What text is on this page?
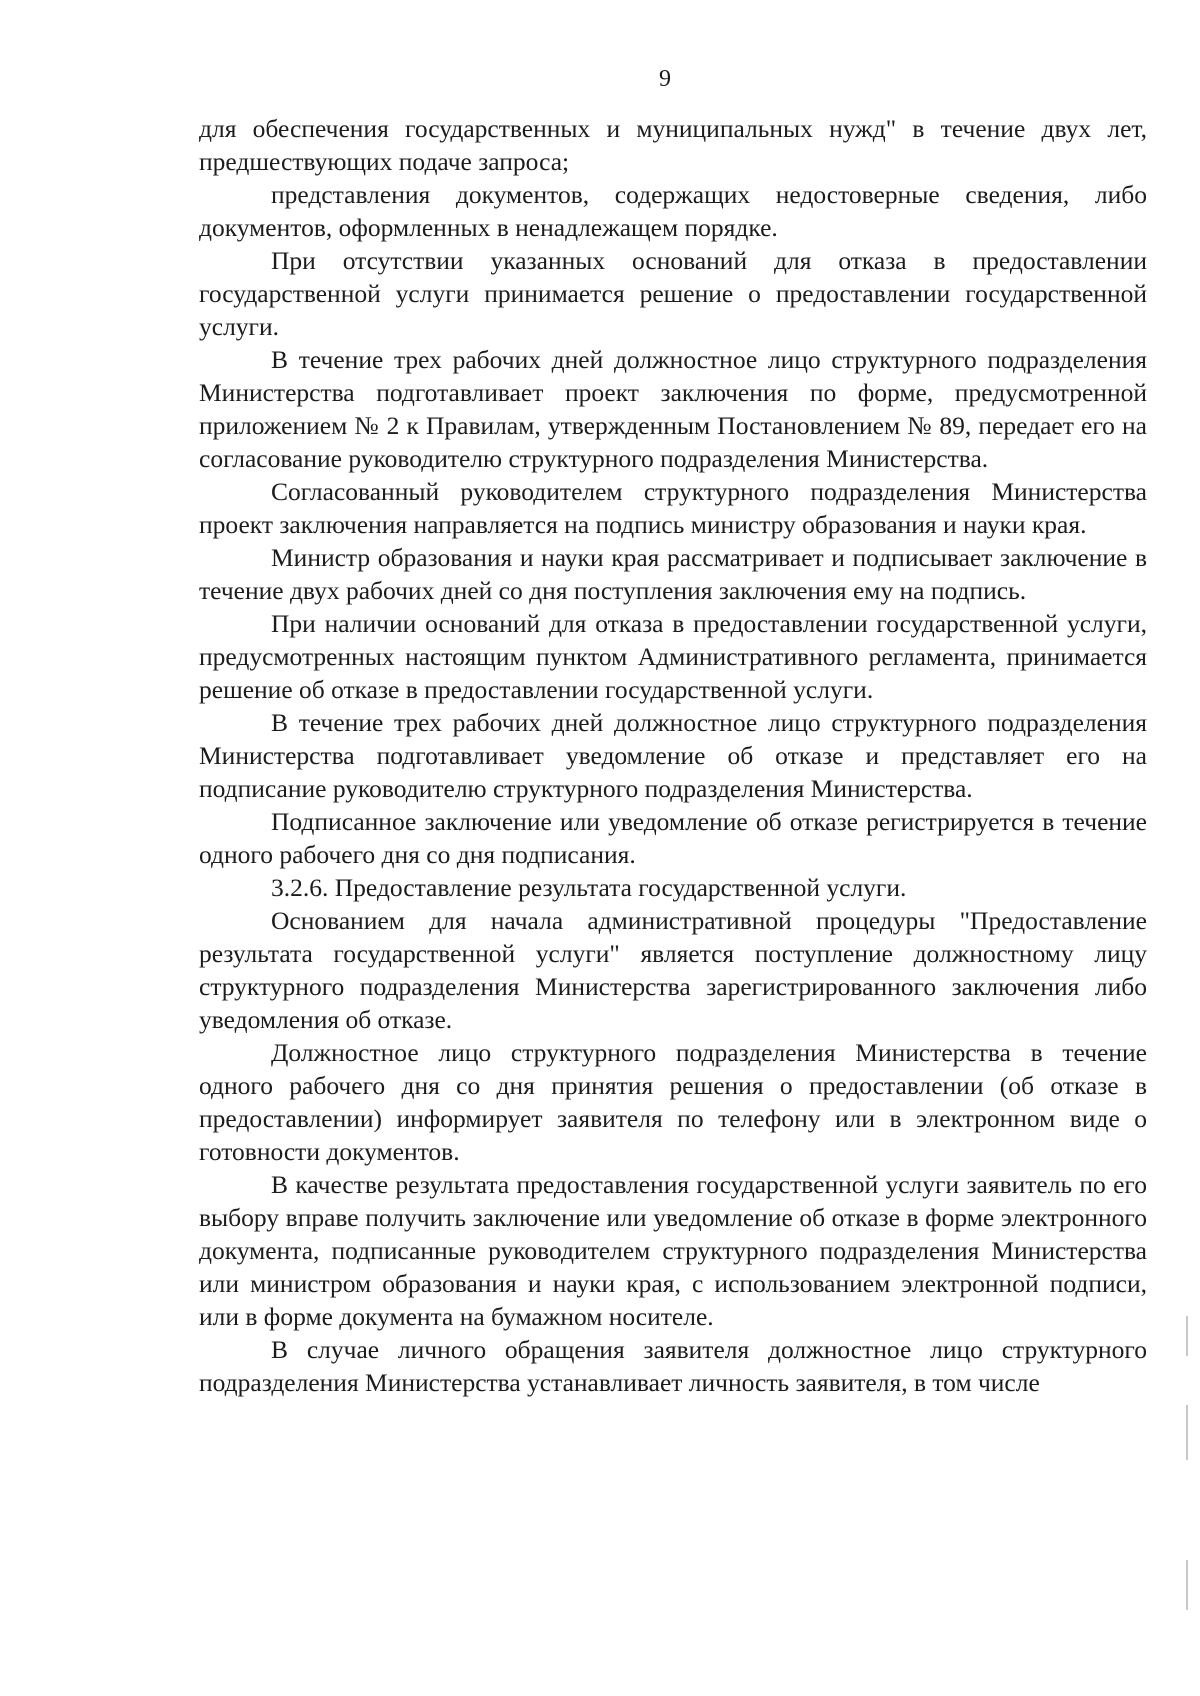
9

для обеспечения государственных и муниципальных нужд" в течение двух лет, предшествующих подаче запроса;

представления документов, содержащих недостоверные сведения, либо документов, оформленных в ненадлежащем порядке.

При отсутствии указанных оснований для отказа в предоставлении государственной услуги принимается решение о предоставлении государственной услуги.

В течение трех рабочих дней должностное лицо структурного подразделения Министерства подготавливает проект заключения по форме, предусмотренной приложением № 2 к Правилам, утвержденным Постановлением № 89, передает его на согласование руководителю структурного подразделения Министерства.

Согласованный руководителем структурного подразделения Министерства проект заключения направляется на подпись министру образования и науки края.

Министр образования и науки края рассматривает и подписывает заключение в течение двух рабочих дней со дня поступления заключения ему на подпись.

При наличии оснований для отказа в предоставлении государственной услуги, предусмотренных настоящим пунктом Административного регламента, принимается решение об отказе в предоставлении государственной услуги.

В течение трех рабочих дней должностное лицо структурного подразделения Министерства подготавливает уведомление об отказе и представляет его на подписание руководителю структурного подразделения Министерства.

Подписанное заключение или уведомление об отказе регистрируется в течение одного рабочего дня со дня подписания.

3.2.6. Предоставление результата государственной услуги.

Основанием для начала административной процедуры "Предоставление результата государственной услуги" является поступление должностному лицу структурного подразделения Министерства зарегистрированного заключения либо уведомления об отказе.

Должностное лицо структурного подразделения Министерства в течение одного рабочего дня со дня принятия решения о предоставлении (об отказе в предоставлении) информирует заявителя по телефону или в электронном виде о готовности документов.

В качестве результата предоставления государственной услуги заявитель по его выбору вправе получить заключение или уведомление об отказе в форме электронного документа, подписанные руководителем структурного подразделения Министерства или министром образования и науки края, с использованием электронной подписи, или в форме документа на бумажном носителе.

В случае личного обращения заявителя должностное лицо структурного подразделения Министерства устанавливает личность заявителя, в том числе
